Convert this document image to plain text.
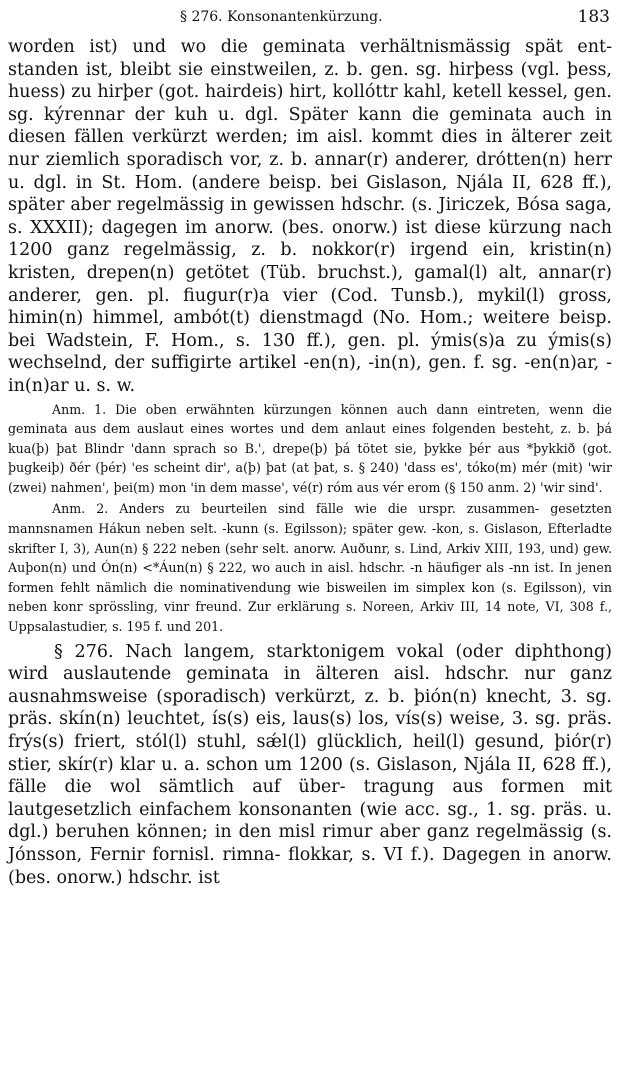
§ 276. Konsonantenkürzung.	183

worden ist) und wo die geminata verhältnismässig spät ent- standen ist, bleibt sie einstweilen, z. b. gen. sg. hirþess (vgl. þess, huess) zu hirþer (got. hairdeis) hirt, kollóttr kahl, ketell kessel, gen. sg. kýrennar der kuh u. dgl. Später kann die geminata auch in diesen fällen verkürzt werden; im aisl. kommt dies in älterer zeit nur ziemlich sporadisch vor, z. b. annar(r) anderer, drótten(n) herr u. dgl. in St. Hom. (andere beisp. bei Gislason, Njála II, 628 ff.), später aber regelmässig in gewissen hdschr. (s. Jiriczek, Bósa saga, s. XXXII); dagegen im anorw. (bes. onorw.) ist diese kürzung nach 1200 ganz regelmässig, z. b. nokkor(r) irgend ein, kristin(n) kristen, drepen(n) getötet (Tüb. bruchst.), gamal(l) alt, annar(r) anderer, gen. pl. fiugur(r)a vier (Cod. Tunsb.), mykil(l) gross, himin(n) himmel, ambót(t) dienstmagd (No. Hom.; weitere beisp. bei Wadstein, F. Hom., s. 130 ff.), gen. pl. ýmis(s)a zu ýmis(s) wechselnd, der suffigirte artikel -en(n), -in(n), gen. f. sg. -en(n)ar, -in(n)ar u. s. w.

Anm. 1. Die oben erwähnten kürzungen können auch dann eintreten, wenn die geminata aus dem auslaut eines wortes und dem anlaut eines folgenden besteht, z. b. þá kua(þ) þat Blindr 'dann sprach so B.', drepe(þ) þá tötet sie, þykke þér aus *þykkið (got. þugkeiþ) ðér (þér) 'es scheint dir', a(þ) þat (at þat, s. § 240) 'dass es', tóko(m) mér (mit) 'wir (zwei) nahmen', þei(m) mon 'in dem masse', vé(r) róm aus vér erom (§ 150 anm. 2) 'wir sind'.

Anm. 2. Anders zu beurteilen sind fälle wie die urspr. zusammen- gesetzten mannsnamen Hákun neben selt. -kunn (s. Egilsson); später gew. -kon, s. Gislason, Efterladte skrifter I, 3), Aun(n) § 222 neben (sehr selt. anorw. Auðunr, s. Lind, Arkiv XIII, 193, und) gew. Auþon(n) und Ón(n) <*Áun(n) § 222, wo auch in aisl. hdschr. -n häufiger als -nn ist. In jenen formen fehlt nämlich die nominativendung wie bisweilen im simplex kon (s. Egilsson), vin neben konr sprössling, vinr freund. Zur erklärung s. Noreen, Arkiv III, 14 note, VI, 308 f., Uppsalastudier, s. 195 f. und 201.

§ 276. Nach langem, starktonigem vokal (oder diphthong) wird auslautende geminata in älteren aisl. hdschr. nur ganz ausnahmsweise (sporadisch) verkürzt, z. b. þión(n) knecht, 3. sg. präs. skín(n) leuchtet, ís(s) eis, laus(s) los, vís(s) weise, 3. sg. präs. frýs(s) friert, stól(l) stuhl, sǽl(l) glücklich, heil(l) gesund, þiór(r) stier, skír(r) klar u. a. schon um 1200 (s. Gislason, Njála II, 628 ff.), fälle die wol sämtlich auf über- tragung aus formen mit lautgesetzlich einfachem konsonanten (wie acc. sg., 1. sg. präs. u. dgl.) beruhen können; in den misl rimur aber ganz regelmässig (s. Jónsson, Fernir fornisl. rimna- flokkar, s. VI f.). Dagegen in anorw. (bes. onorw.) hdschr. ist
